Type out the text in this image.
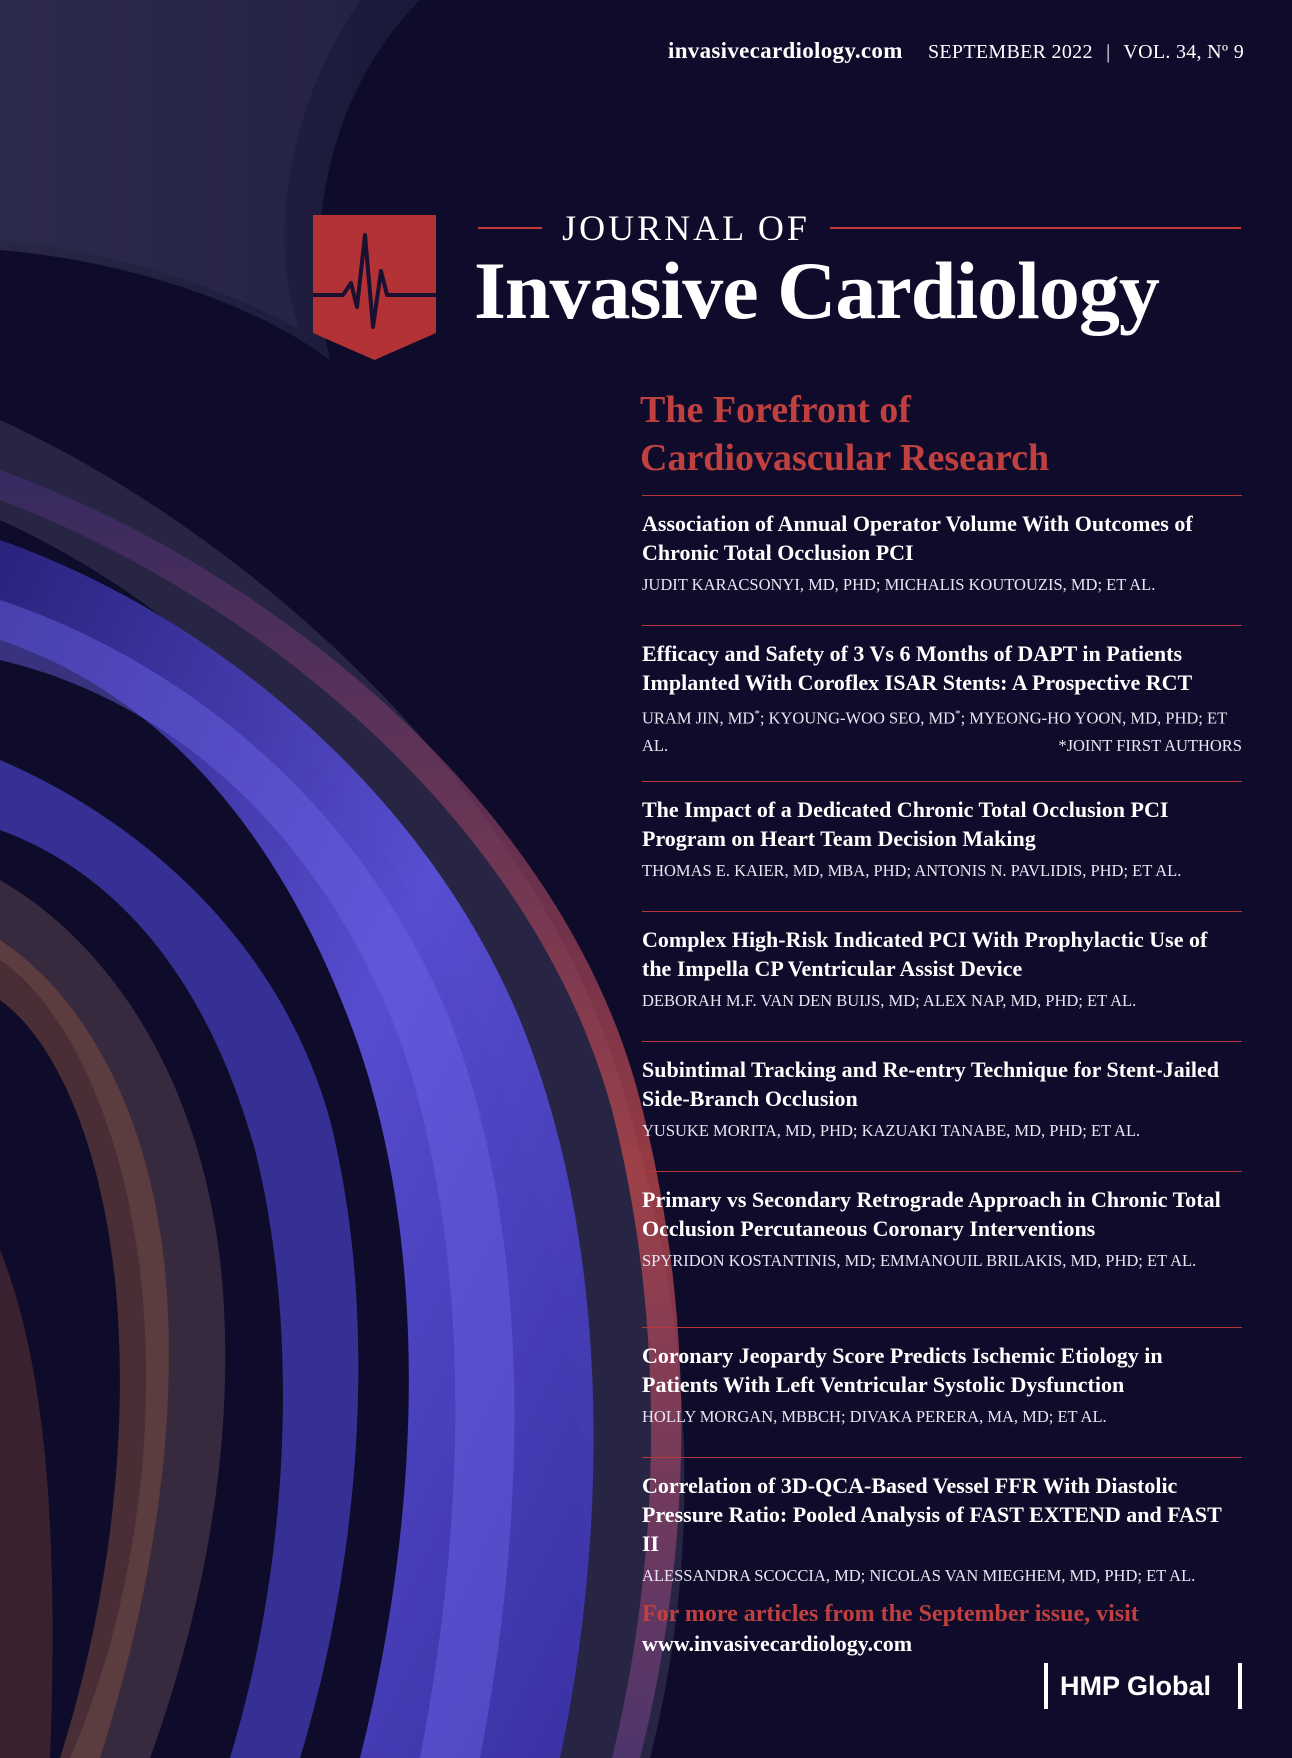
invasivecardiology.com SEPTEMBER 2022 | VOL. 34, Nº 9
JOURNAL OF
Invasive Cardiology
The Forefront of
Cardiovascular Research
Association of Annual Operator Volume With Outcomes of Chronic Total Occlusion PCI
JUDIT KARACSONYI, MD, PHD; MICHALIS KOUTOUZIS, MD; ET AL.
Efficacy and Safety of 3 Vs 6 Months of DAPT in Patients Implanted With Coroflex ISAR Stents: A Prospective RCT
URAM JIN, MD*; KYOUNG-WOO SEO, MD*; MYEONG-HO YOON, MD, PHD; ET AL.	*JOINT FIRST AUTHORS
The Impact of a Dedicated Chronic Total Occlusion PCI Program on Heart Team Decision Making
THOMAS E. KAIER, MD, MBA, PHD; ANTONIS N. PAVLIDIS, PHD; ET AL.
Complex High-Risk Indicated PCI With Prophylactic Use of the Impella CP Ventricular Assist Device
DEBORAH M.F. VAN DEN BUIJS, MD; ALEX NAP, MD, PHD; ET AL.
Subintimal Tracking and Re-entry Technique for Stent-Jailed Side-Branch Occlusion
YUSUKE MORITA, MD, PHD; KAZUAKI TANABE, MD, PHD; ET AL.
Primary vs Secondary Retrograde Approach in Chronic Total Occlusion Percutaneous Coronary Interventions
SPYRIDON KOSTANTINIS, MD; EMMANOUIL BRILAKIS, MD, PHD; ET AL.
Coronary Jeopardy Score Predicts Ischemic Etiology in Patients With Left Ventricular Systolic Dysfunction
HOLLY MORGAN, MBBCH; DIVAKA PERERA, MA, MD; ET AL.
Correlation of 3D-QCA-Based Vessel FFR With Diastolic Pressure Ratio: Pooled Analysis of FAST EXTEND and FAST II
ALESSANDRA SCOCCIA, MD; NICOLAS VAN MIEGHEM, MD, PHD; ET AL.
For more articles from the September issue, visit
www.invasivecardiology.com
HMP Global
